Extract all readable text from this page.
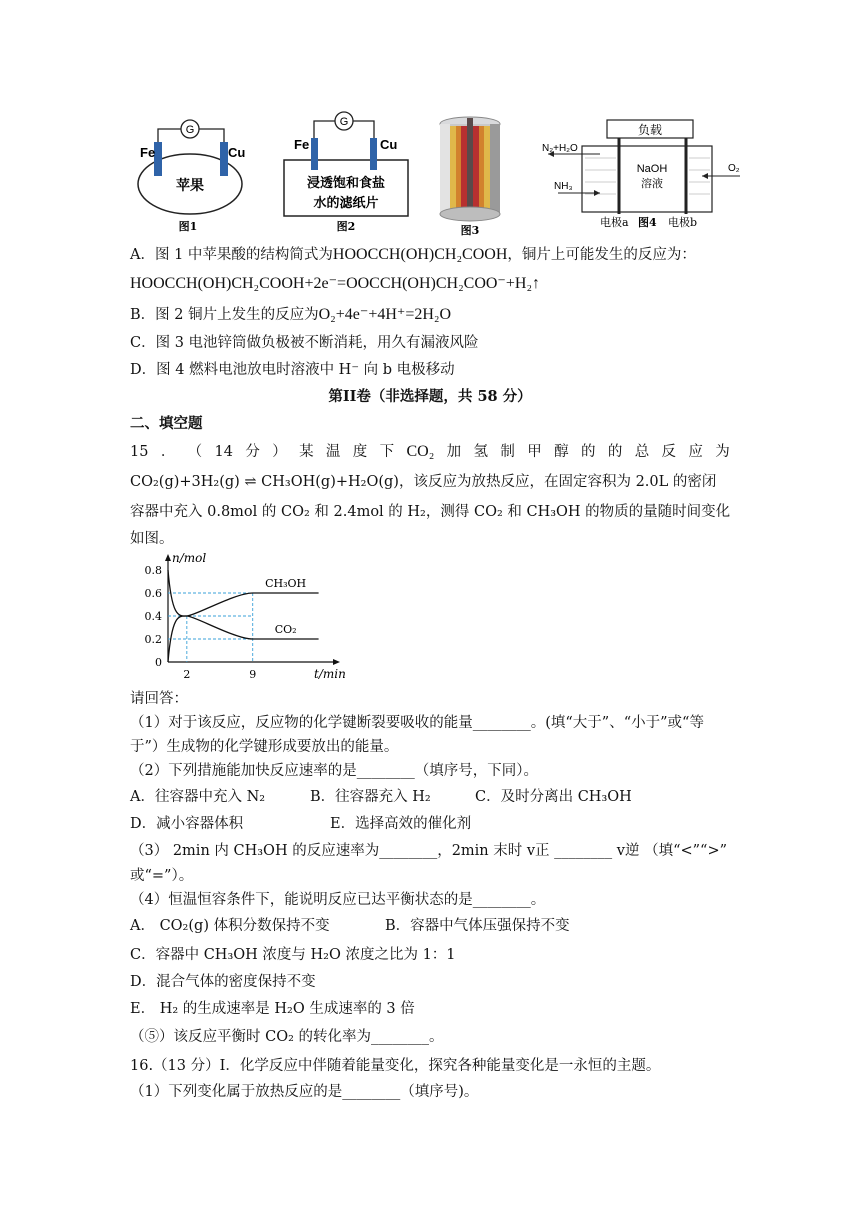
G
Fe	Cu
苹果
图1
G
Fe	Cu
浸透饱和食盐
水的滤纸片
图2	图3
负载
NaOH
溶液
N₂+H₂O
NH₃
O₂
电极a 图4 电极b
A．图 1 中苹果酸的结构简式为HOOCCH(OH)CH₂COOH，铜片上可能发生的反应为：
HOOCCH(OH)CH₂COOH+2e⁻=OOCCH(OH)CH₂COO⁻+H₂↑
B．图 2 铜片上发生的反应为O₂+4e⁻+4H⁺=2H₂O
C．图 3 电池锌筒做负极被不断消耗，用久有漏液风险
D．图 4 燃料电池放电时溶液中 H⁻ 向 b 电极移动
第II卷（非选择题，共 58 分）
二、填空题
15 ． （ 14 分 ） 某 温 度 下 CO₂ 加 氢 制 甲 醇 的 的 总 反 应 为
CO₂(g)+3H₂(g) ⇌ CH₃OH(g)+H₂O(g)，该反应为放热反应，在固定容积为 2.0L 的密闭
容器中充入 0.8mol 的 CO₂ 和 2.4mol 的 H₂，测得 CO₂ 和 CH₃OH 的物质的量随时间变化
如图。
n/mol
t/min
0.8
0.6
0.4
0.2
0
2	9
CH₃OH
CO₂
请回答：
（1）对于该反应，反应物的化学键断裂要吸收的能量________。(填“大于”、“小于”或“等
于”）生成物的化学键形成要放出的能量。
（2）下列措施能加快反应速率的是________（填序号，下同）。
A．往容器中充入 N₂	B．往容器充入 H₂	C．及时分离出 CH₃OH
D．减小容器体积	E．选择高效的催化剂
（3） 2min 内 CH₃OH 的反应速率为________，2min 末时 v正 ________ v逆 （填“<”“>”
或“=”）。
（4）恒温恒容条件下，能说明反应已达平衡状态的是________。
A． CO₂(g) 体积分数保持不变	B．容器中气体压强保持不变
C．容器中 CH₃OH 浓度与 H₂O 浓度之比为 1：1
D．混合气体的密度保持不变
E． H₂ 的生成速率是 H₂O 生成速率的 3 倍
（⑤）该反应平衡时 CO₂ 的转化率为________。
16.（13 分）I．化学反应中伴随着能量变化，探究各种能量变化是一永恒的主题。
（1）下列变化属于放热反应的是________（填序号)。
